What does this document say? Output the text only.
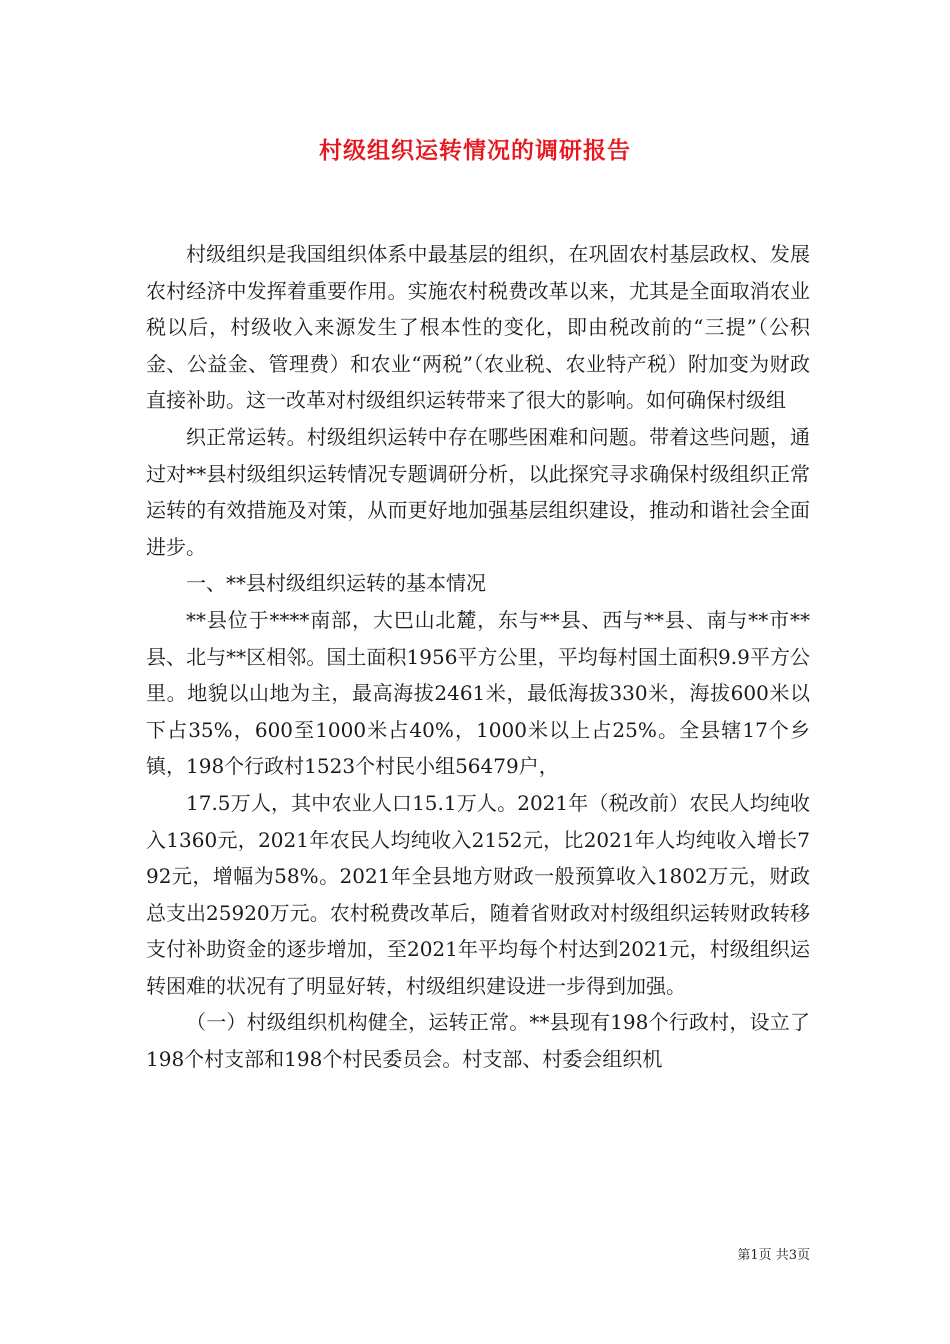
村级组织运转情况的调研报告

村级组织是我国组织体系中最基层的组织，在巩固农村基层政权、发展农村经济中发挥着重要作用。实施农村税费改革以来，尤其是全面取消农业税以后，村级收入来源发生了根本性的变化，即由税改前的“三提”（公积金、公益金、管理费）和农业“两税”（农业税、农业特产税）附加变为财政直接补助。这一改革对村级组织运转带来了很大的影响。如何确保村级组

织正常运转。村级组织运转中存在哪些困难和问题。带着这些问题，通过对**县村级组织运转情况专题调研分析，以此探究寻求确保村级组织正常运转的有效措施及对策，从而更好地加强基层组织建设，推动和谐社会全面进步。

一、**县村级组织运转的基本情况

**县位于****南部，大巴山北麓，东与**县、西与**县、南与**市**县、北与**区相邻。国土面积1956平方公里，平均每村国土面积9.9平方公里。地貌以山地为主，最高海拔2461米，最低海拔330米，海拔600米以下占35%，600至1000米占40%，1000米以上占25%。全县辖17个乡镇，198个行政村1523个村民小组56479户，

17.5万人，其中农业人口15.1万人。2021年（税改前）农民人均纯收入1360元，2021年农民人均纯收入2152元，比2021年人均纯收入增长792元，增幅为58%。2021年全县地方财政一般预算收入1802万元，财政总支出25920万元。农村税费改革后，随着省财政对村级组织运转财政转移支付补助资金的逐步增加，至2021年平均每个村达到2021元，村级组织运转困难的状况有了明显好转，村级组织建设进一步得到加强。

（一）村级组织机构健全，运转正常。**县现有198个行政村，设立了198个村支部和198个村民委员会。村支部、村委会组织机

第1页 共3页
